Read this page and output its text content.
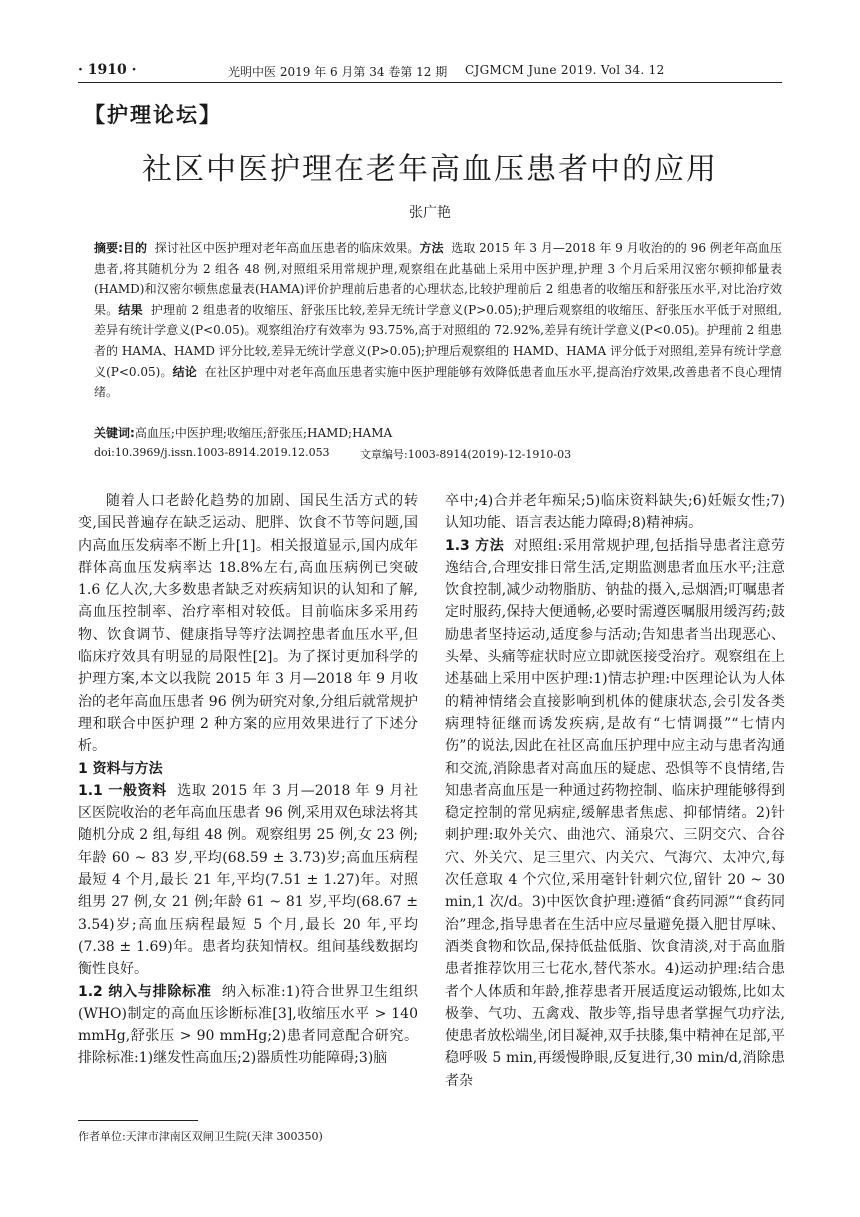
· 1910 ·	光明中医 2019 年 6 月第 34 卷第 12 期 CJGMCM June 2019. Vol 34. 12
【护理论坛】
社区中医护理在老年高血压患者中的应用
张广艳
摘要:目的 探讨社区中医护理对老年高血压患者的临床效果。方法 选取 2015 年 3 月—2018 年 9 月收治的的 96 例老年高血压患者,将其随机分为 2 组各 48 例,对照组采用常规护理,观察组在此基础上采用中医护理,护理 3 个月后采用汉密尔顿抑郁量表(HAMD)和汉密尔顿焦虑量表(HAMA)评价护理前后患者的心理状态,比较护理前后 2 组患者的收缩压和舒张压水平,对比治疗效果。结果 护理前 2 组患者的收缩压、舒张压比较,差异无统计学意义(P>0.05);护理后观察组的收缩压、舒张压水平低于对照组,差异有统计学意义(P<0.05)。观察组治疗有效率为 93.75%,高于对照组的 72.92%,差异有统计学意义(P<0.05)。护理前 2 组患者的 HAMA、HAMD 评分比较,差异无统计学意义(P>0.05);护理后观察组的 HAMD、HAMA 评分低于对照组,差异有统计学意义(P<0.05)。结论 在社区护理中对老年高血压患者实施中医护理能够有效降低患者血压水平,提高治疗效果,改善患者不良心理情绪。
关键词:高血压;中医护理;收缩压;舒张压;HAMD;HAMA
doi:10.3969/j.issn.1003-8914.2019.12.053	文章编号:1003-8914(2019)-12-1910-03

随着人口老龄化趋势的加剧、国民生活方式的转变,国民普遍存在缺乏运动、肥胖、饮食不节等问题,国内高血压发病率不断上升[1]。相关报道显示,国内成年群体高血压发病率达 18.8%左右,高血压病例已突破 1.6 亿人次,大多数患者缺乏对疾病知识的认知和了解,高血压控制率、治疗率相对较低。目前临床多采用药物、饮食调节、健康指导等疗法调控患者血压水平,但临床疗效具有明显的局限性[2]。为了探讨更加科学的护理方案,本文以我院 2015 年 3 月—2018 年 9 月收治的老年高血压患者 96 例为研究对象,分组后就常规护理和联合中医护理 2 种方案的应用效果进行了下述分析。

1 资料与方法

1.1 一般资料 选取 2015 年 3 月—2018 年 9 月社区医院收治的老年高血压患者 96 例,采用双色球法将其随机分成 2 组,每组 48 例。观察组男 25 例,女 23 例;年龄 60 ~ 83 岁,平均(68.59 ± 3.73)岁;高血压病程最短 4 个月,最长 21 年,平均(7.51 ± 1.27)年。对照组男 27 例,女 21 例;年龄 61 ~ 81 岁,平均(68.67 ± 3.54)岁;高血压病程最短 5 个月,最长 20 年,平均(7.38 ± 1.69)年。患者均获知情权。组间基线数据均衡性良好。

1.2 纳入与排除标准 纳入标准:1)符合世界卫生组织(WHO)制定的高血压诊断标准[3],收缩压水平 > 140 mmHg,舒张压 > 90 mmHg;2)患者同意配合研究。排除标准:1)继发性高血压;2)器质性功能障碍;3)脑

卒中;4)合并老年痴呆;5)临床资料缺失;6)妊娠女性;7)认知功能、语言表达能力障碍;8)精神病。

1.3 方法 对照组:采用常规护理,包括指导患者注意劳逸结合,合理安排日常生活,定期监测患者血压水平;注意饮食控制,减少动物脂肪、钠盐的摄入,忌烟酒;叮嘱患者定时服药,保持大便通畅,必要时需遵医嘱服用缓泻药;鼓励患者坚持运动,适度参与活动;告知患者当出现恶心、头晕、头痛等症状时应立即就医接受治疗。观察组在上述基础上采用中医护理:1)情志护理:中医理论认为人体的精神情绪会直接影响到机体的健康状态,会引发各类病理特征继而诱发疾病,是故有“七情调摄”“七情内伤”的说法,因此在社区高血压护理中应主动与患者沟通和交流,消除患者对高血压的疑虑、恐惧等不良情绪,告知患者高血压是一种通过药物控制、临床护理能够得到稳定控制的常见病症,缓解患者焦虑、抑郁情绪。2)针刺护理:取外关穴、曲池穴、涌泉穴、三阴交穴、合谷穴、外关穴、足三里穴、内关穴、气海穴、太冲穴,每次任意取 4 个穴位,采用毫针针刺穴位,留针 20 ~ 30 min,1 次/d。3)中医饮食护理:遵循“食药同源”“食药同治”理念,指导患者在生活中应尽量避免摄入肥甘厚味、酒类食物和饮品,保持低盐低脂、饮食清淡,对于高血脂患者推荐饮用三七花水,替代茶水。4)运动护理:结合患者个人体质和年龄,推荐患者开展适度运动锻炼,比如太极拳、气功、五禽戏、散步等,指导患者掌握气功疗法,使患者放松端坐,闭目凝神,双手扶膝,集中精神在足部,平稳呼吸 5 min,再缓慢睁眼,反复进行,30 min/d,消除患者杂

作者单位:天津市津南区双闸卫生院(天津 300350)
